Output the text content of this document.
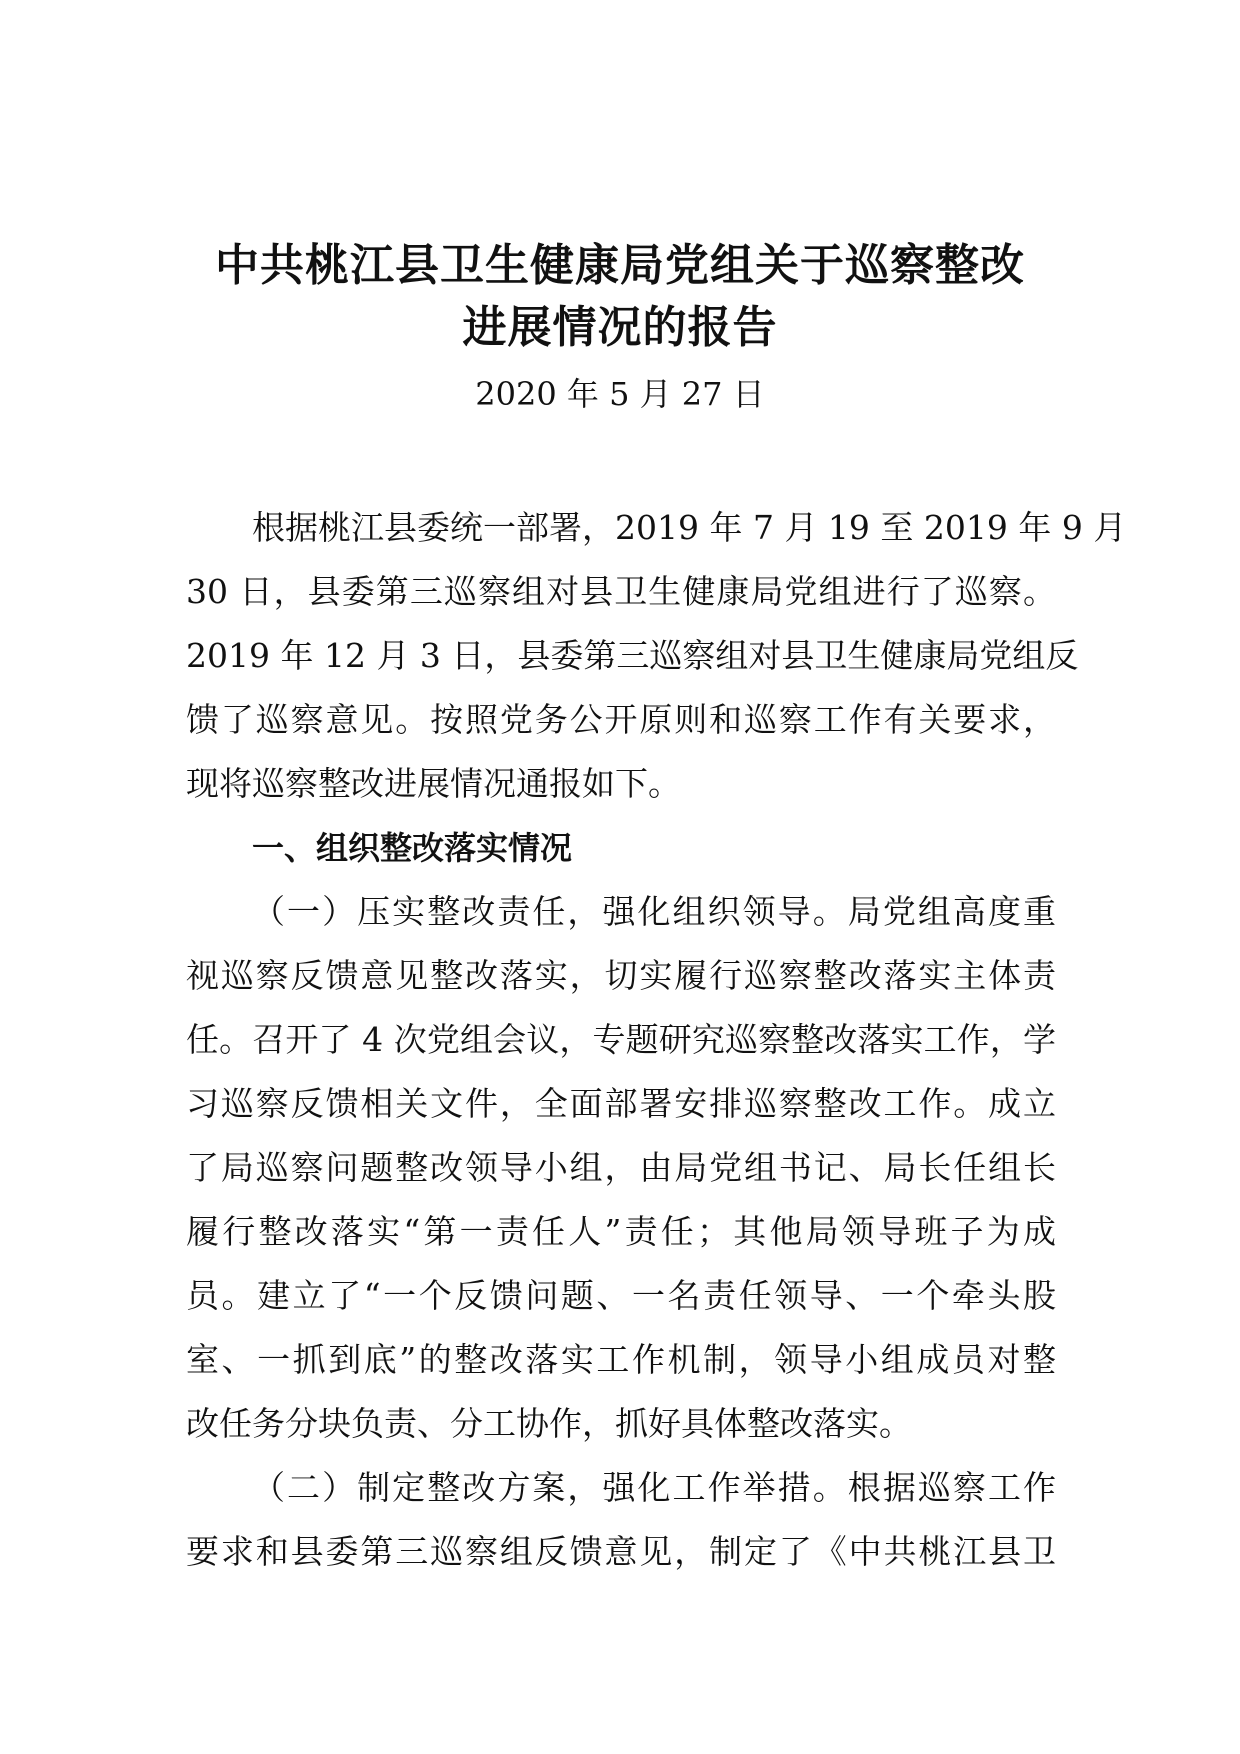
中共桃江县卫生健康局党组关于巡察整改
进展情况的报告
2020 年 5 月 27 日
根据桃江县委统一部署，2019 年 7 月 19 至 2019 年 9 月
30 日，县委第三巡察组对县卫生健康局党组进行了巡察。
2019 年 12 月 3 日，县委第三巡察组对县卫生健康局党组反
馈了巡察意见。按照党务公开原则和巡察工作有关要求，
现将巡察整改进展情况通报如下。
一、组织整改落实情况
（一）压实整改责任，强化组织领导。局党组高度重
视巡察反馈意见整改落实，切实履行巡察整改落实主体责
任。召开了 4 次党组会议，专题研究巡察整改落实工作，学
习巡察反馈相关文件，全面部署安排巡察整改工作。成立
了局巡察问题整改领导小组，由局党组书记、局长任组长
履行整改落实“第一责任人”责任；其他局领导班子为成
员。建立了“一个反馈问题、一名责任领导、一个牵头股
室、一抓到底”的整改落实工作机制，领导小组成员对整
改任务分块负责、分工协作，抓好具体整改落实。
（二）制定整改方案，强化工作举措。根据巡察工作
要求和县委第三巡察组反馈意见，制定了《中共桃江县卫
